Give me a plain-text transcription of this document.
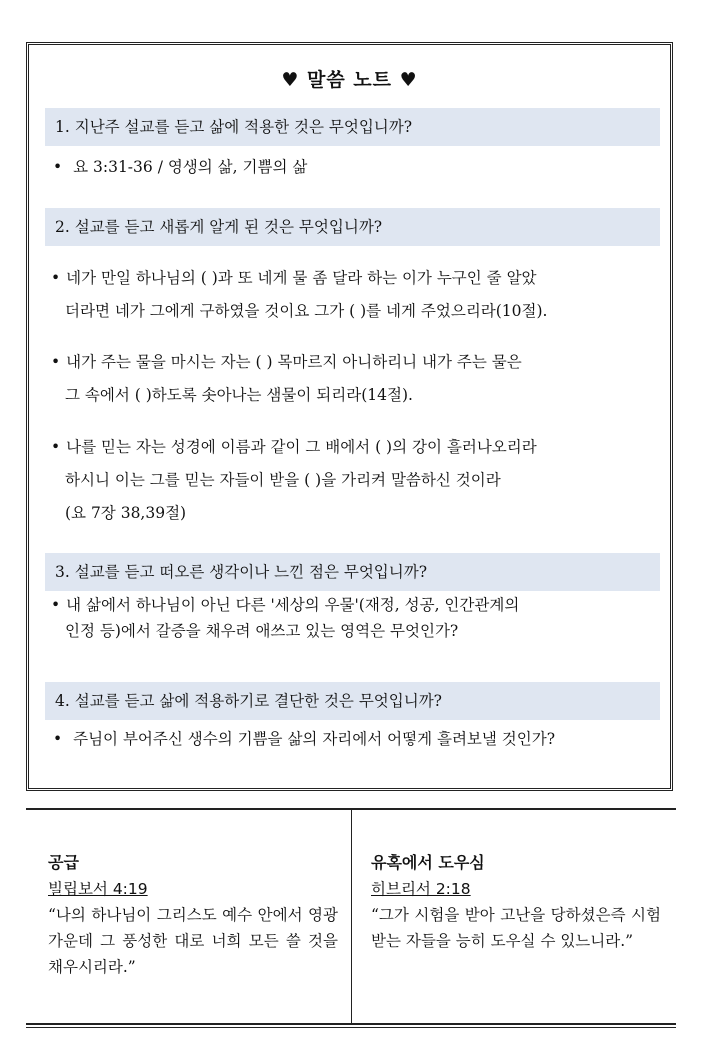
♥ 말씀 노트 ♥
1. 지난주 설교를 듣고 삶에 적용한 것은 무엇입니까?
• 요 3:31-36 / 영생의 삶, 기쁨의 삶
2. 설교를 듣고 새롭게 알게 된 것은 무엇입니까?
• 네가 만일 하나님의 ( )과 또 네게 물 좀 달라 하는 이가 누구인 줄 알았
더라면 네가 그에게 구하였을 것이요 그가 ( )를 네게 주었으리라(10절).
• 내가 주는 물을 마시는 자는 ( ) 목마르지 아니하리니 내가 주는 물은
그 속에서 ( )하도록 솟아나는 샘물이 되리라(14절).
• 나를 믿는 자는 성경에 이름과 같이 그 배에서 ( )의 강이 흘러나오리라
하시니 이는 그를 믿는 자들이 받을 ( )을 가리켜 말씀하신 것이라
(요 7장 38,39절)
3. 설교를 듣고 떠오른 생각이나 느낀 점은 무엇입니까?
• 내 삶에서 하나님이 아닌 다른 '세상의 우물'(재정, 성공, 인간관계의
인정 등)에서 갈증을 채우려 애쓰고 있는 영역은 무엇인가?
4. 설교를 듣고 삶에 적용하기로 결단한 것은 무엇입니까?
• 주님이 부어주신 생수의 기쁨을 삶의 자리에서 어떻게 흘려보낼 것인가?
공급
빌립보서 4:19
“나의 하나님이 그리스도 예수 안에서 영광 가운데 그 풍성한 대로 너희 모든 쓸 것을 채우시리라.”
유혹에서 도우심
히브리서 2:18
“그가 시험을 받아 고난을 당하셨은즉 시험받는 자들을 능히 도우실 수 있느니라.”
